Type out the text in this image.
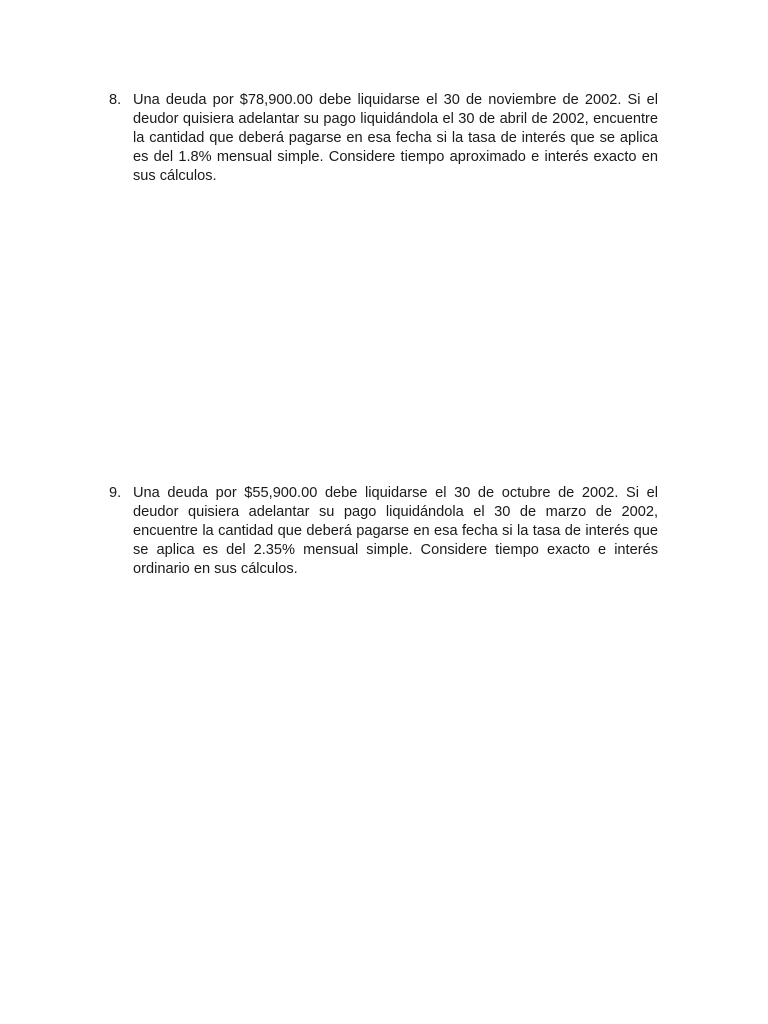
8. Una deuda por $78,900.00 debe liquidarse el 30 de noviembre de 2002. Si el deudor quisiera adelantar su pago liquidándola el 30 de abril de 2002, encuentre la cantidad que deberá pagarse en esa fecha si la tasa de interés que se aplica es del 1.8% mensual simple. Considere tiempo aproximado e interés exacto en sus cálculos.
9. Una deuda por $55,900.00 debe liquidarse el 30 de octubre de 2002. Si el deudor quisiera adelantar su pago liquidándola el 30 de marzo de 2002, encuentre la cantidad que deberá pagarse en esa fecha si la tasa de interés que se aplica es del 2.35% mensual simple. Considere tiempo exacto e interés ordinario en sus cálculos.
